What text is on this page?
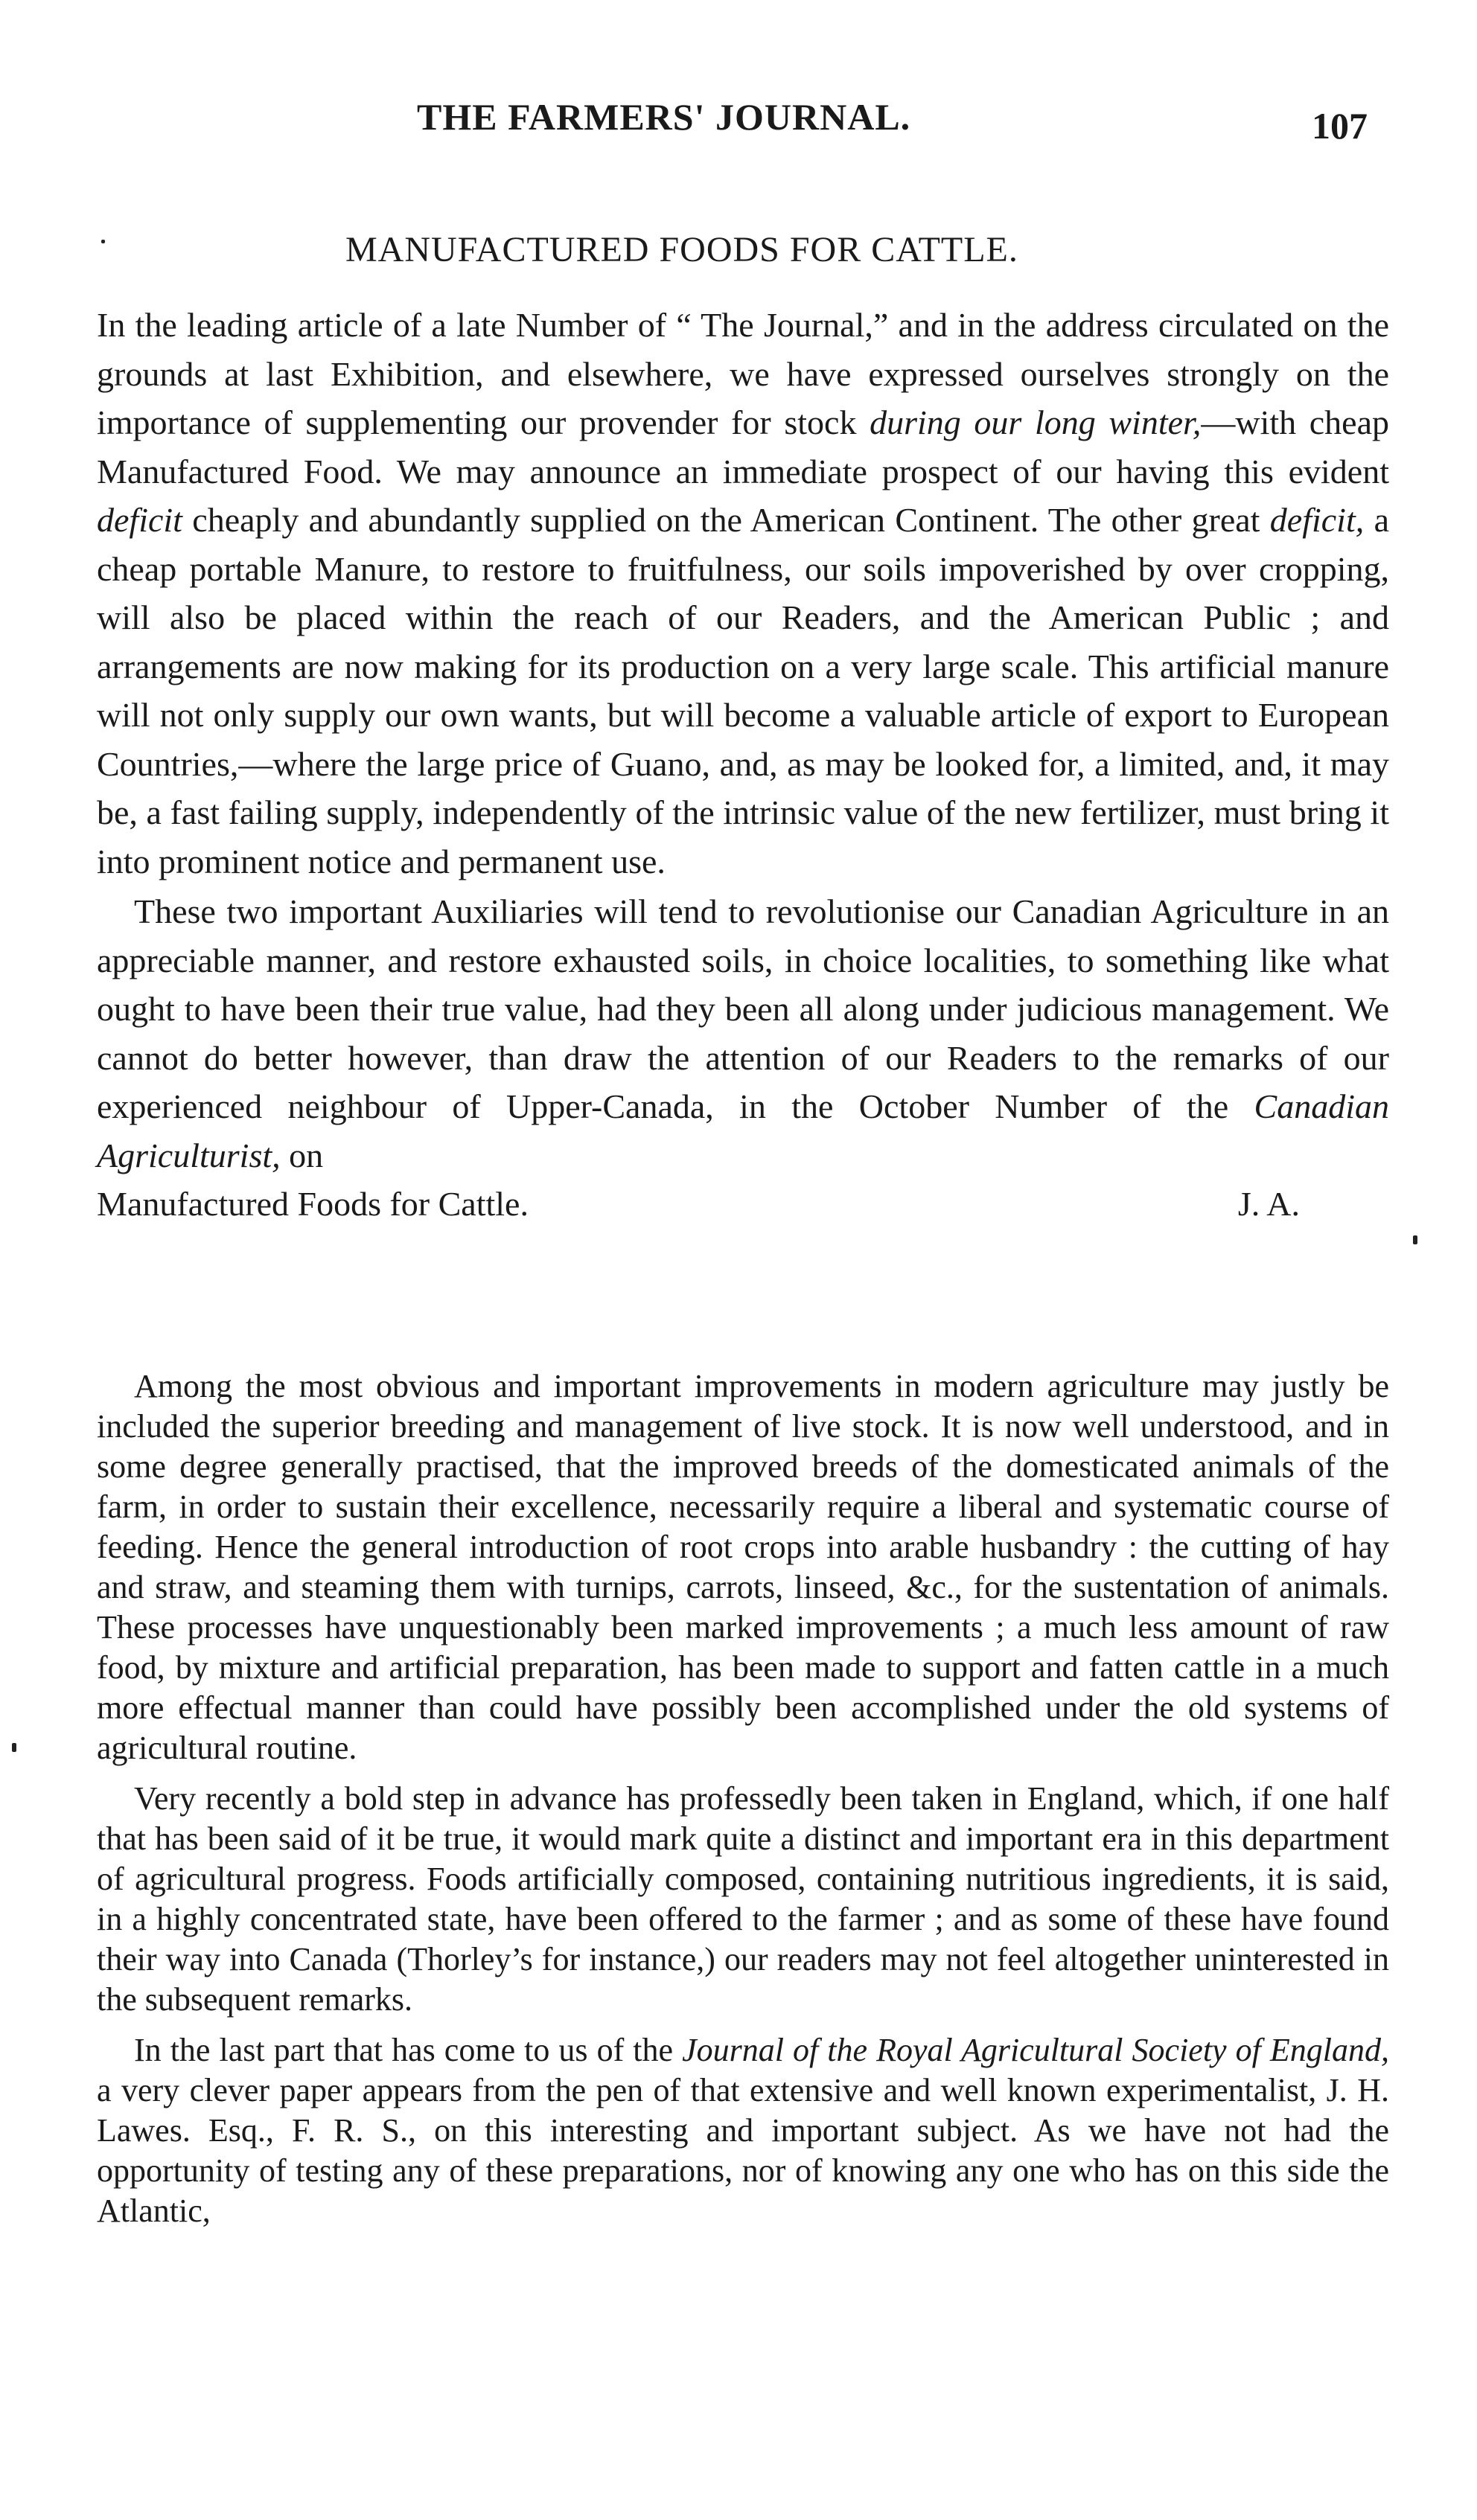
THE FARMERS' JOURNAL.	107
MANUFACTURED FOODS FOR CATTLE.

In the leading article of a late Number of “ The Journal,” and in the address circulated on the grounds at last Exhibition, and elsewhere, we have expressed ourselves strongly on the importance of supplementing our provender for stock during our long winter,—with cheap Manufactured Food. We may announce an immediate prospect of our having this evident deficit cheaply and abundantly supplied on the American Continent. The other great deficit, a cheap portable Manure, to restore to fruitfulness, our soils impoverished by over cropping, will also be placed within the reach of our Readers, and the American Public ; and arrangements are now making for its production on a very large scale. This artificial manure will not only supply our own wants, but will become a valuable article of export to European Countries,—where the large price of Guano, and, as may be looked for, a limited, and, it may be, a fast failing supply, independently of the intrinsic value of the new fertilizer, must bring it into prominent notice and permanent use.

These two important Auxiliaries will tend to revolutionise our Canadian Agriculture in an appreciable manner, and restore exhausted soils, in choice localities, to something like what ought to have been their true value, had they been all along under judicious management. We cannot do better however, than draw the attention of our Readers to the remarks of our experienced neighbour of Upper-Canada, in the October Number of the Canadian Agriculturist, on

Manufactured Foods for Cattle.	J. A.

Among the most obvious and important improvements in modern agriculture may justly be included the superior breeding and management of live stock. It is now well understood, and in some degree generally practised, that the improved breeds of the domesticated animals of the farm, in order to sustain their excellence, necessarily require a liberal and systematic course of feeding. Hence the general introduction of root crops into arable husbandry : the cutting of hay and straw, and steaming them with turnips, carrots, linseed, &c., for the sustentation of animals. These processes have unquestionably been marked improvements ; a much less amount of raw food, by mixture and artificial preparation, has been made to support and fatten cattle in a much more effectual manner than could have possibly been accomplished under the old systems of agricultural routine.

Very recently a bold step in advance has professedly been taken in England, which, if one half that has been said of it be true, it would mark quite a distinct and important era in this department of agricultural progress. Foods artificially composed, containing nutritious ingredients, it is said, in a highly concentrated state, have been offered to the farmer ; and as some of these have found their way into Canada (Thorley’s for instance,) our readers may not feel altogether uninterested in the subsequent remarks.

In the last part that has come to us of the Journal of the Royal Agricultural Society of England, a very clever paper appears from the pen of that extensive and well known experimentalist, J. H. Lawes. Esq., F. R. S., on this interesting and important subject. As we have not had the opportunity of testing any of these preparations, nor of knowing any one who has on this side the Atlantic,
